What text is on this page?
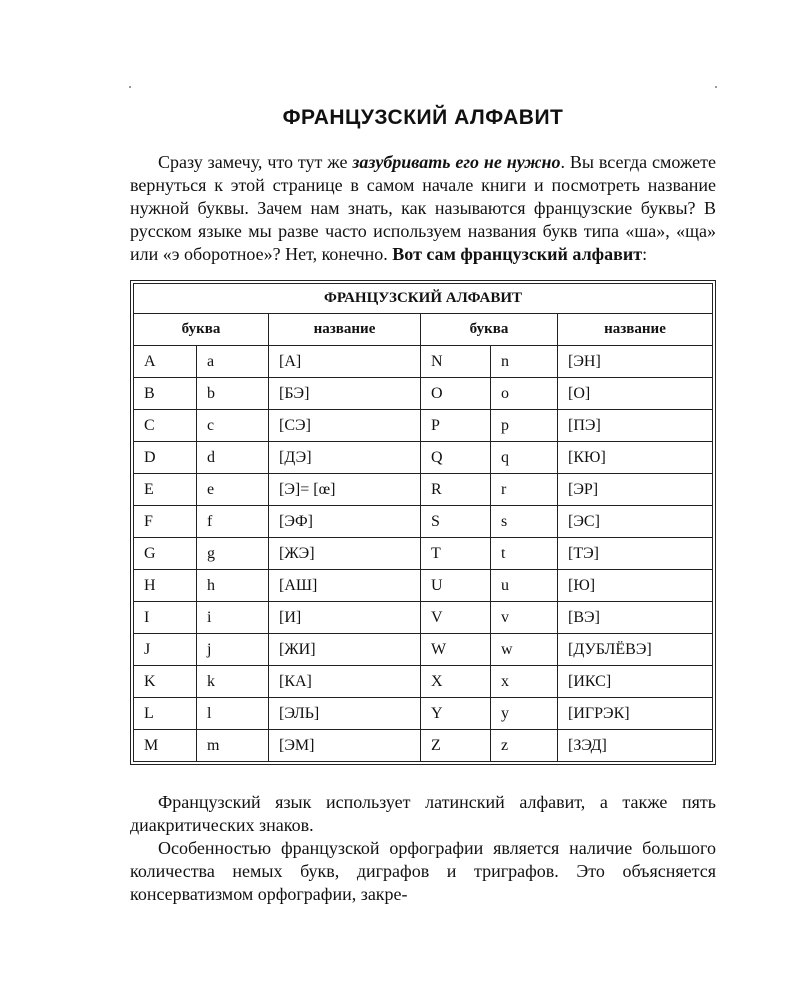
ФРАНЦУЗСКИЙ АЛФАВИТ

Сразу замечу, что тут же зазубривать его не нужно. Вы всегда сможете вернуться к этой странице в самом начале книги и посмотреть название нужной буквы. Зачем нам знать, как называются французские буквы? В русском языке мы разве часто используем названия букв типа «ша», «ща» или «э оборотное»? Нет, конечно. Вот сам французский алфавит:

ФРАНЦУЗСКИЙ АЛФАВИТ					
буква		название	буква		название
A	a	[А]	N	n	[ЭН]
B	b	[БЭ]	O	o	[О]
C	c	[СЭ]	P	p	[ПЭ]
D	d	[ДЭ]	Q	q	[КЮ]
E	e	[Э]= [œ]	R	r	[ЭР]
F	f	[ЭФ]	S	s	[ЭС]
G	g	[ЖЭ]	T	t	[ТЭ]
H	h	[АШ]	U	u	[Ю]
I	i	[И]	V	v	[ВЭ]
J	j	[ЖИ]	W	w	[ДУБЛЁВЭ]
K	k	[КА]	X	x	[ИКС]
L	l	[ЭЛЬ]	Y	y	[ИГРЭК]
M	m	[ЭМ]	Z	z	[ЗЭД]

Французский язык использует латинский алфавит, а также пять диакритических знаков.

Особенностью французской орфографии является наличие большого количества немых букв, диграфов и триграфов. Это объясняется консерватизмом орфографии, закре-
